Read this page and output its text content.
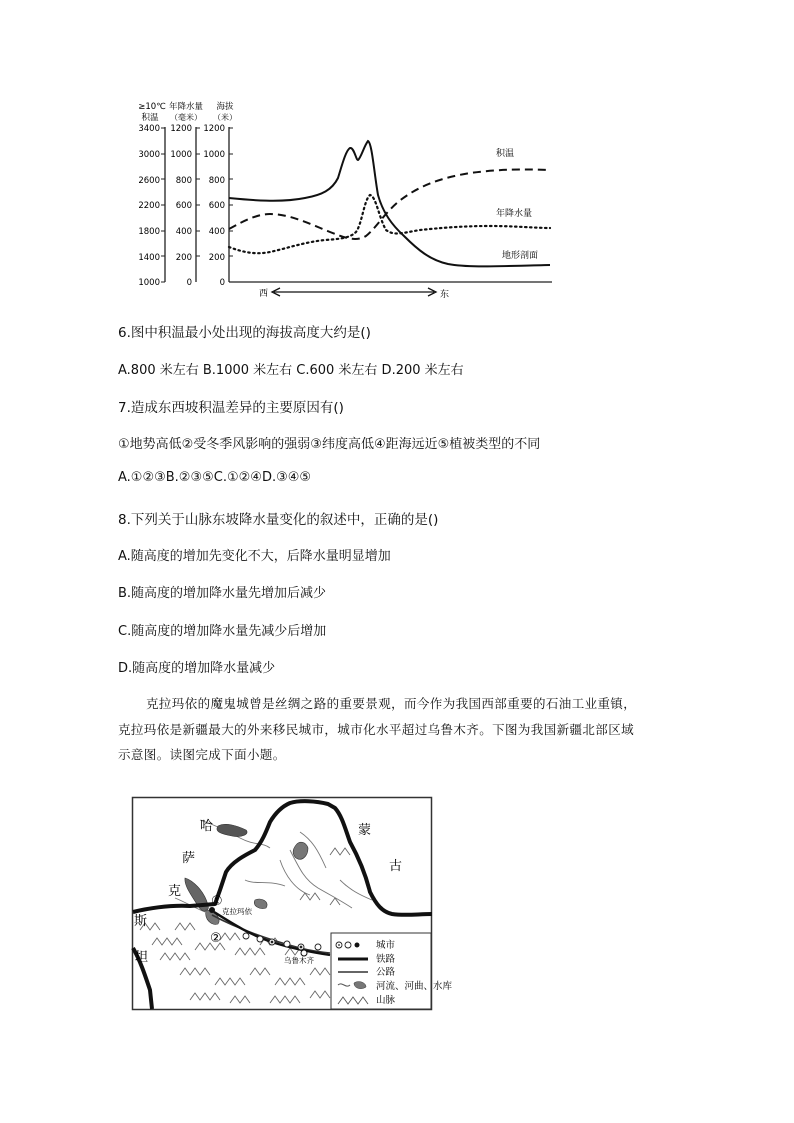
≥10℃
积温
年降水量
（毫米）
海拔
（米）
3400
3000
2600
2200
1800
1400
1000
1200
1000
800
600
400
200
0
1200
1000
800
600
400
200
0
积温
年降水量
地形剖面
西	东
6.图中积温最小处出现的海拔高度大约是()
A.800 米左右 B.1000 米左右 C.600 米左右 D.200 米左右
7.造成东西坡积温差异的主要原因有()
①地势高低②受冬季风影响的强弱③纬度高低④距海远近⑤植被类型的不同
A.①②③B.②③⑤C.①②④D.③④⑤
8.下列关于山脉东坡降水量变化的叙述中，正确的是()
A.随高度的增加先变化不大，后降水量明显增加
B.随高度的增加降水量先增加后减少
C.随高度的增加降水量先减少后增加
D.随高度的增加降水量减少
克拉玛依的魔鬼城曾是丝绸之路的重要景观，而今作为我国西部重要的石油工业重镇，
克拉玛依是新疆最大的外来移民城市，城市化水平超过乌鲁木齐。下图为我国新疆北部区域
示意图。读图完成下面小题。
哈
萨
克
斯
坦
蒙
古
①
②
克拉玛依
乌鲁木齐
城市
铁路
公路
河流、河曲、水库
山脉
